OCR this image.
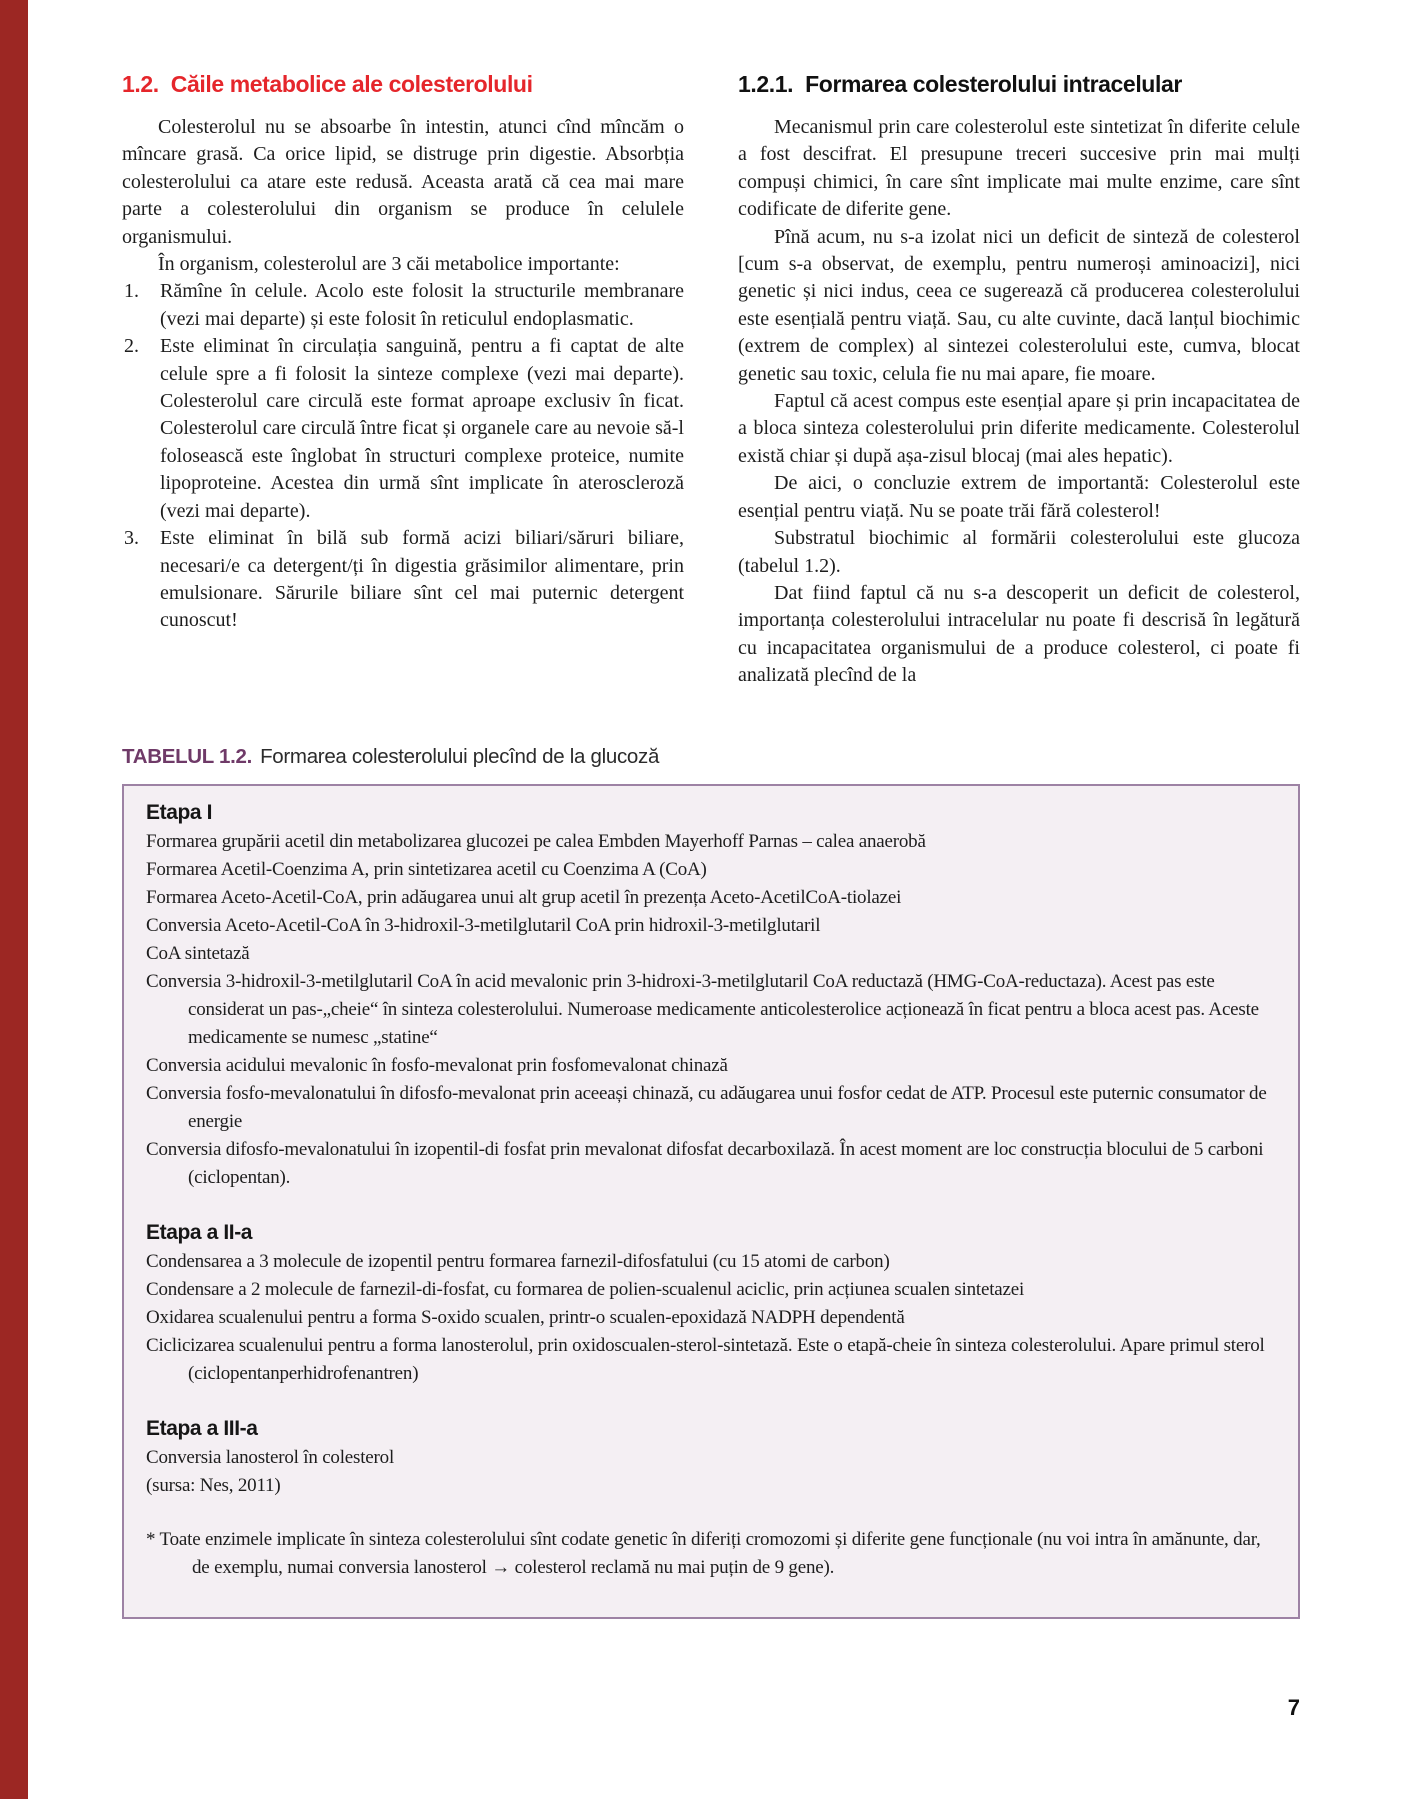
1.2. Căile metabolice ale colesterolului

Colesterolul nu se absoarbe în intestin, atunci cînd mîncăm o mîncare grasă. Ca orice lipid, se distruge prin digestie. Absorbția colesterolului ca atare este redusă. Aceasta arată că cea mai mare parte a colesterolului din organism se produce în celulele organismului.

În organism, colesterolul are 3 căi metabolice importante:

1. Rămîne în celule. Acolo este folosit la structurile membranare (vezi mai departe) și este folosit în reticulul endoplasmatic.
2. Este eliminat în circulația sanguină, pentru a fi captat de alte celule spre a fi folosit la sinteze complexe (vezi mai departe). Colesterolul care circulă este format aproape exclusiv în ficat. Colesterolul care circulă între ficat și organele care au nevoie să-l folosească este înglobat în structuri complexe proteice, numite lipoproteine. Acestea din urmă sînt implicate în ateroscleroză (vezi mai departe).
3. Este eliminat în bilă sub formă acizi biliari/săruri biliare, necesari/e ca detergent/ți în digestia grăsimilor alimentare, prin emulsionare. Sărurile biliare sînt cel mai puternic detergent cunoscut!
1.2.1. Formarea colesterolului intracelular

Mecanismul prin care colesterolul este sintetizat în diferite celule a fost descifrat. El presupune treceri succesive prin mai mulți compuși chimici, în care sînt implicate mai multe enzime, care sînt codificate de diferite gene.

Pînă acum, nu s-a izolat nici un deficit de sinteză de colesterol [cum s-a observat, de exemplu, pentru numeroși aminoacizi], nici genetic și nici indus, ceea ce sugerează că producerea colesterolului este esențială pentru viață. Sau, cu alte cuvinte, dacă lanțul biochimic (extrem de complex) al sintezei colesterolului este, cumva, blocat genetic sau toxic, celula fie nu mai apare, fie moare.

Faptul că acest compus este esențial apare și prin incapacitatea de a bloca sinteza colesterolului prin diferite medicamente. Colesterolul există chiar și după așa-zisul blocaj (mai ales hepatic).

De aici, o concluzie extrem de importantă: Colesterolul este esențial pentru viață. Nu se poate trăi fără colesterol!

Substratul biochimic al formării colesterolului este glucoza (tabelul 1.2).

Dat fiind faptul că nu s-a descoperit un deficit de colesterol, importanța colesterolului intracelular nu poate fi descrisă în legătură cu incapacitatea organismului de a produce colesterol, ci poate fi analizată plecînd de la

TABELUL 1.2. Formarea colesterolului plecînd de la glucoză
Etapa I

Formarea grupării acetil din metabolizarea glucozei pe calea Embden Mayerhoff Parnas – calea anaerobă

Formarea Acetil-Coenzima A, prin sintetizarea acetil cu Coenzima A (CoA)

Formarea Aceto-Acetil-CoA, prin adăugarea unui alt grup acetil în prezența Aceto-AcetilCoA-tiolazei

Conversia Aceto-Acetil-CoA în 3-hidroxil-3-metilglutaril CoA prin hidroxil-3-metilglutaril

CoA sintetază

Conversia 3-hidroxil-3-metilglutaril CoA în acid mevalonic prin 3-hidroxi-3-metilglutaril CoA reductază (HMG-CoA-reductaza). Acest pas este considerat un pas-„cheie“ în sinteza colesterolului. Numeroase medicamente anticolesterolice acționează în ficat pentru a bloca acest pas. Aceste medicamente se numesc „statine“

Conversia acidului mevalonic în fosfo-mevalonat prin fosfomevalonat chinază

Conversia fosfo-mevalonatului în difosfo-mevalonat prin aceeași chinază, cu adăugarea unui fosfor cedat de ATP. Procesul este puternic consumator de energie

Conversia difosfo-mevalonatului în izopentil-di fosfat prin mevalonat difosfat decarboxilază. În acest moment are loc construcția blocului de 5 carboni (ciclopentan).

Etapa a II-a

Condensarea a 3 molecule de izopentil pentru formarea farnezil-difosfatului (cu 15 atomi de carbon)

Condensare a 2 molecule de farnezil-di-fosfat, cu formarea de polien-scualenul aciclic, prin acțiunea scualen sintetazei

Oxidarea scualenului pentru a forma S-oxido scualen, printr-o scualen-epoxidază NADPH dependentă

Ciclicizarea scualenului pentru a forma lanosterolul, prin oxidoscualen-sterol-sintetază. Este o etapă-cheie în sinteza colesterolului. Apare primul sterol (ciclopentanperhidrofenantren)

Etapa a III-a

Conversia lanosterol în colesterol

(sursa: Nes, 2011)

* Toate enzimele implicate în sinteza colesterolului sînt codate genetic în diferiți cromozomi și diferite gene funcționale (nu voi intra în amănunte, dar, de exemplu, numai conversia lanosterol → colesterol reclamă nu mai puțin de 9 gene).

7
